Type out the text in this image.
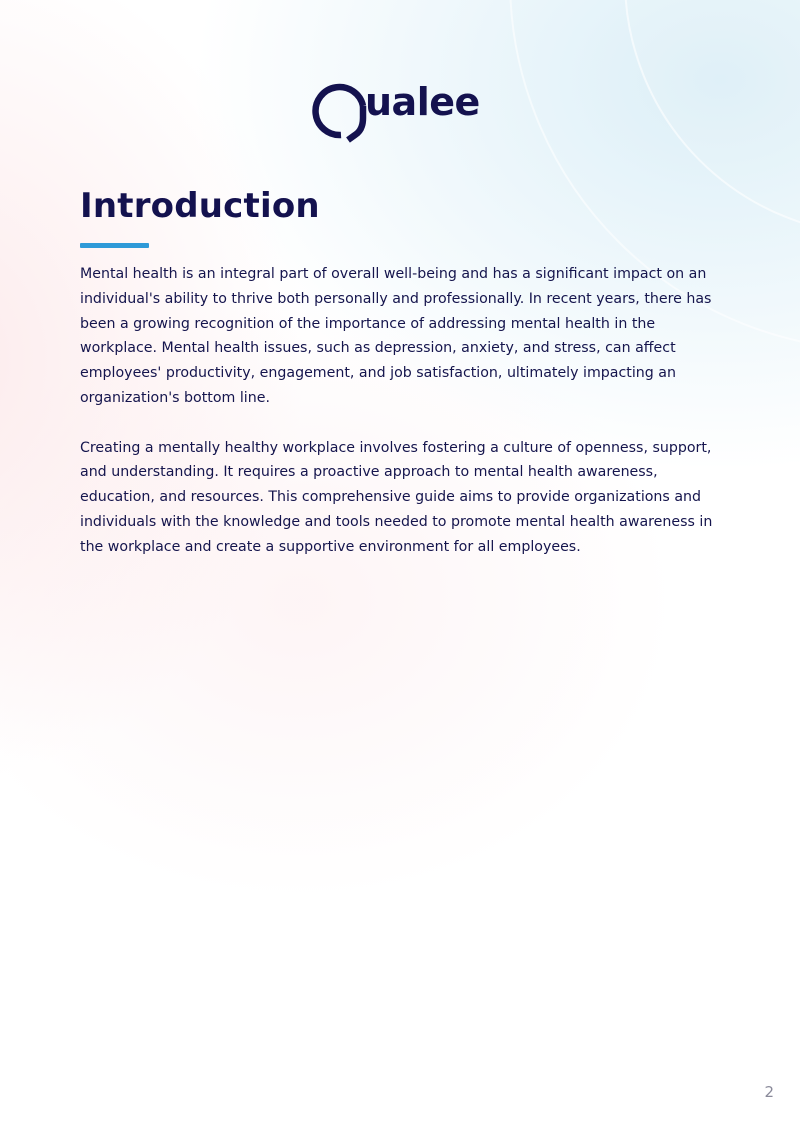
ualee
Introduction

Mental health is an integral part of overall well-being and has a significant impact on an individual's ability to thrive both personally and professionally. In recent years, there has been a growing recognition of the importance of addressing mental health in the workplace. Mental health issues, such as depression, anxiety, and stress, can affect employees' productivity, engagement, and job satisfaction, ultimately impacting an organization's bottom line.

Creating a mentally healthy workplace involves fostering a culture of openness, support, and understanding. It requires a proactive approach to mental health awareness, education, and resources. This comprehensive guide aims to provide organizations and individuals with the knowledge and tools needed to promote mental health awareness in the workplace and create a supportive environment for all employees.

2
